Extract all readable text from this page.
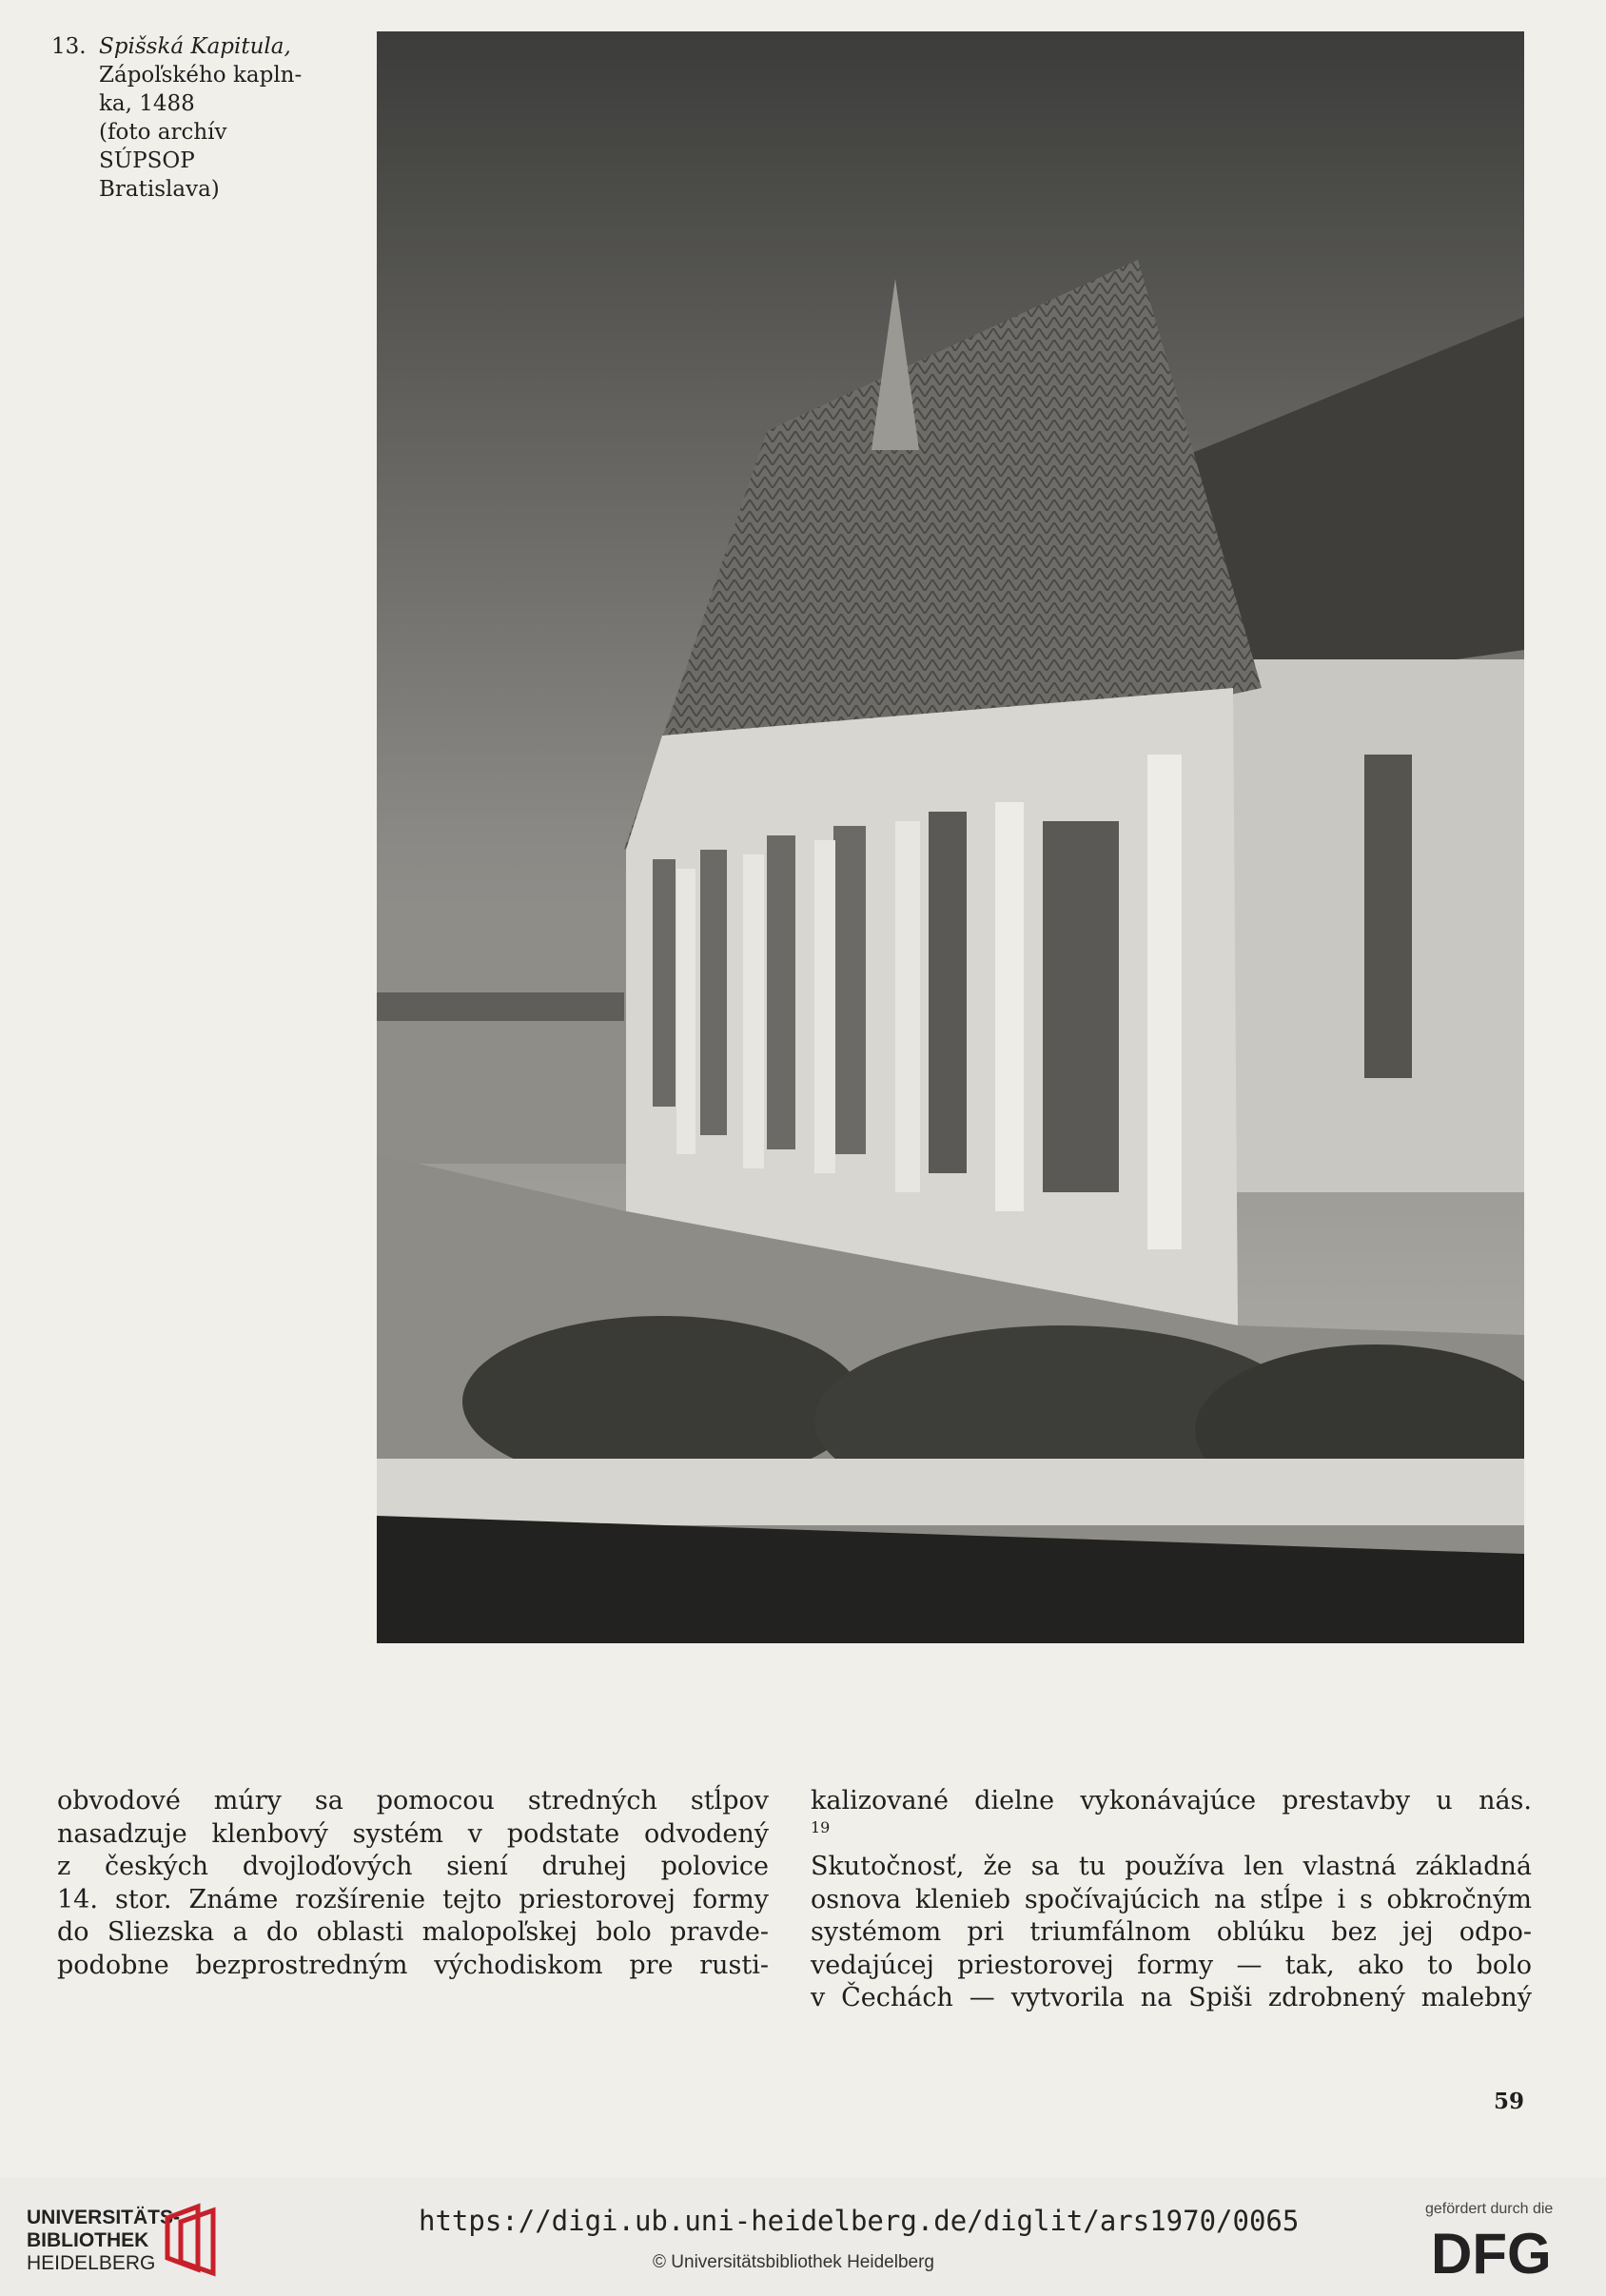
13. Spišská Kapitula,
Zápoľského kapln-
ka, 1488
(foto archív
SÚPSOP
Bratislava)
obvodové múry sa pomocou stredných stĺpov
nasadzuje klenbový systém v podstate odvodený
z českých dvojloďových siení druhej polovice
14. stor. Známe rozšírenie tejto priestorovej formy
do Sliezska a do oblasti malopoľskej bolo pravde-
podobne bezprostredným východiskom pre rusti-
kalizované dielne vykonávajúce prestavby u nás.
$^{19}$
Skutočnosť, že sa tu používa len vlastná základná
osnova klenieb spočívajúcich na stĺpe i s obkročným
systémom pri triumfálnom oblúku bez jej odpo-
vedajúcej priestorovej formy — tak, ako to bolo
v Čechách — vytvorila na Spiši zdrobnený malebný
59
UNIVERSITÄTS-
BIBLIOTHEK
HEIDELBERG
https://digi.ub.uni-heidelberg.de/diglit/ars1970/0065
© Universitätsbibliothek Heidelberg
gefördert durch die
DFG
